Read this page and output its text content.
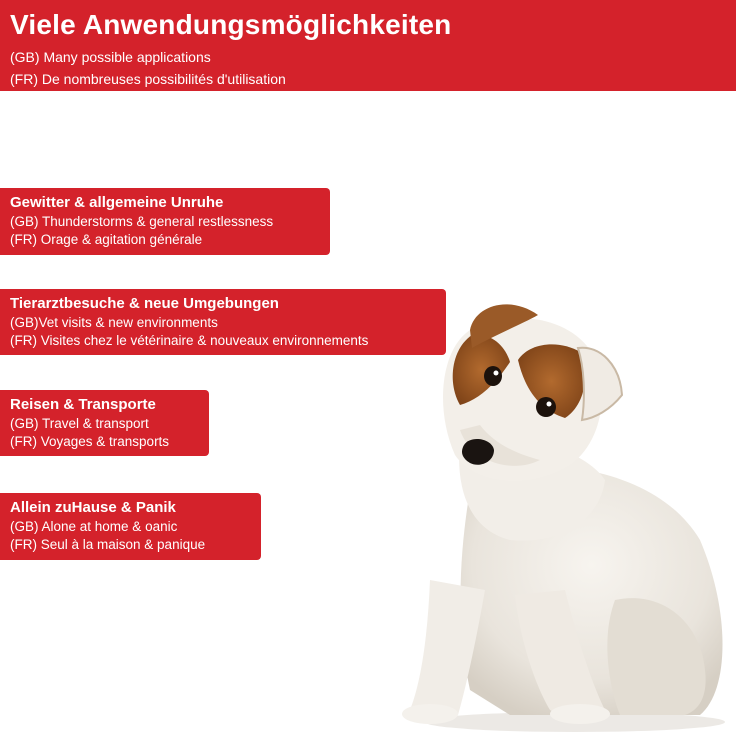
Viele Anwendungsmöglichkeiten
(GB) Many possible applications
(FR) De nombreuses possibilités d'utilisation
Gewitter & allgemeine Unruhe
(GB) Thunderstorms & general restlessness
(FR) Orage & agitation générale
Tierarztbesuche & neue Umgebungen
(GB)Vet visits & new environments
(FR) Visites chez le vétérinaire & nouveaux environnements
Reisen & Transporte
(GB) Travel & transport
(FR) Voyages & transports
Allein zuHause & Panik
(GB) Alone at home & oanic
(FR) Seul à la maison & panique
